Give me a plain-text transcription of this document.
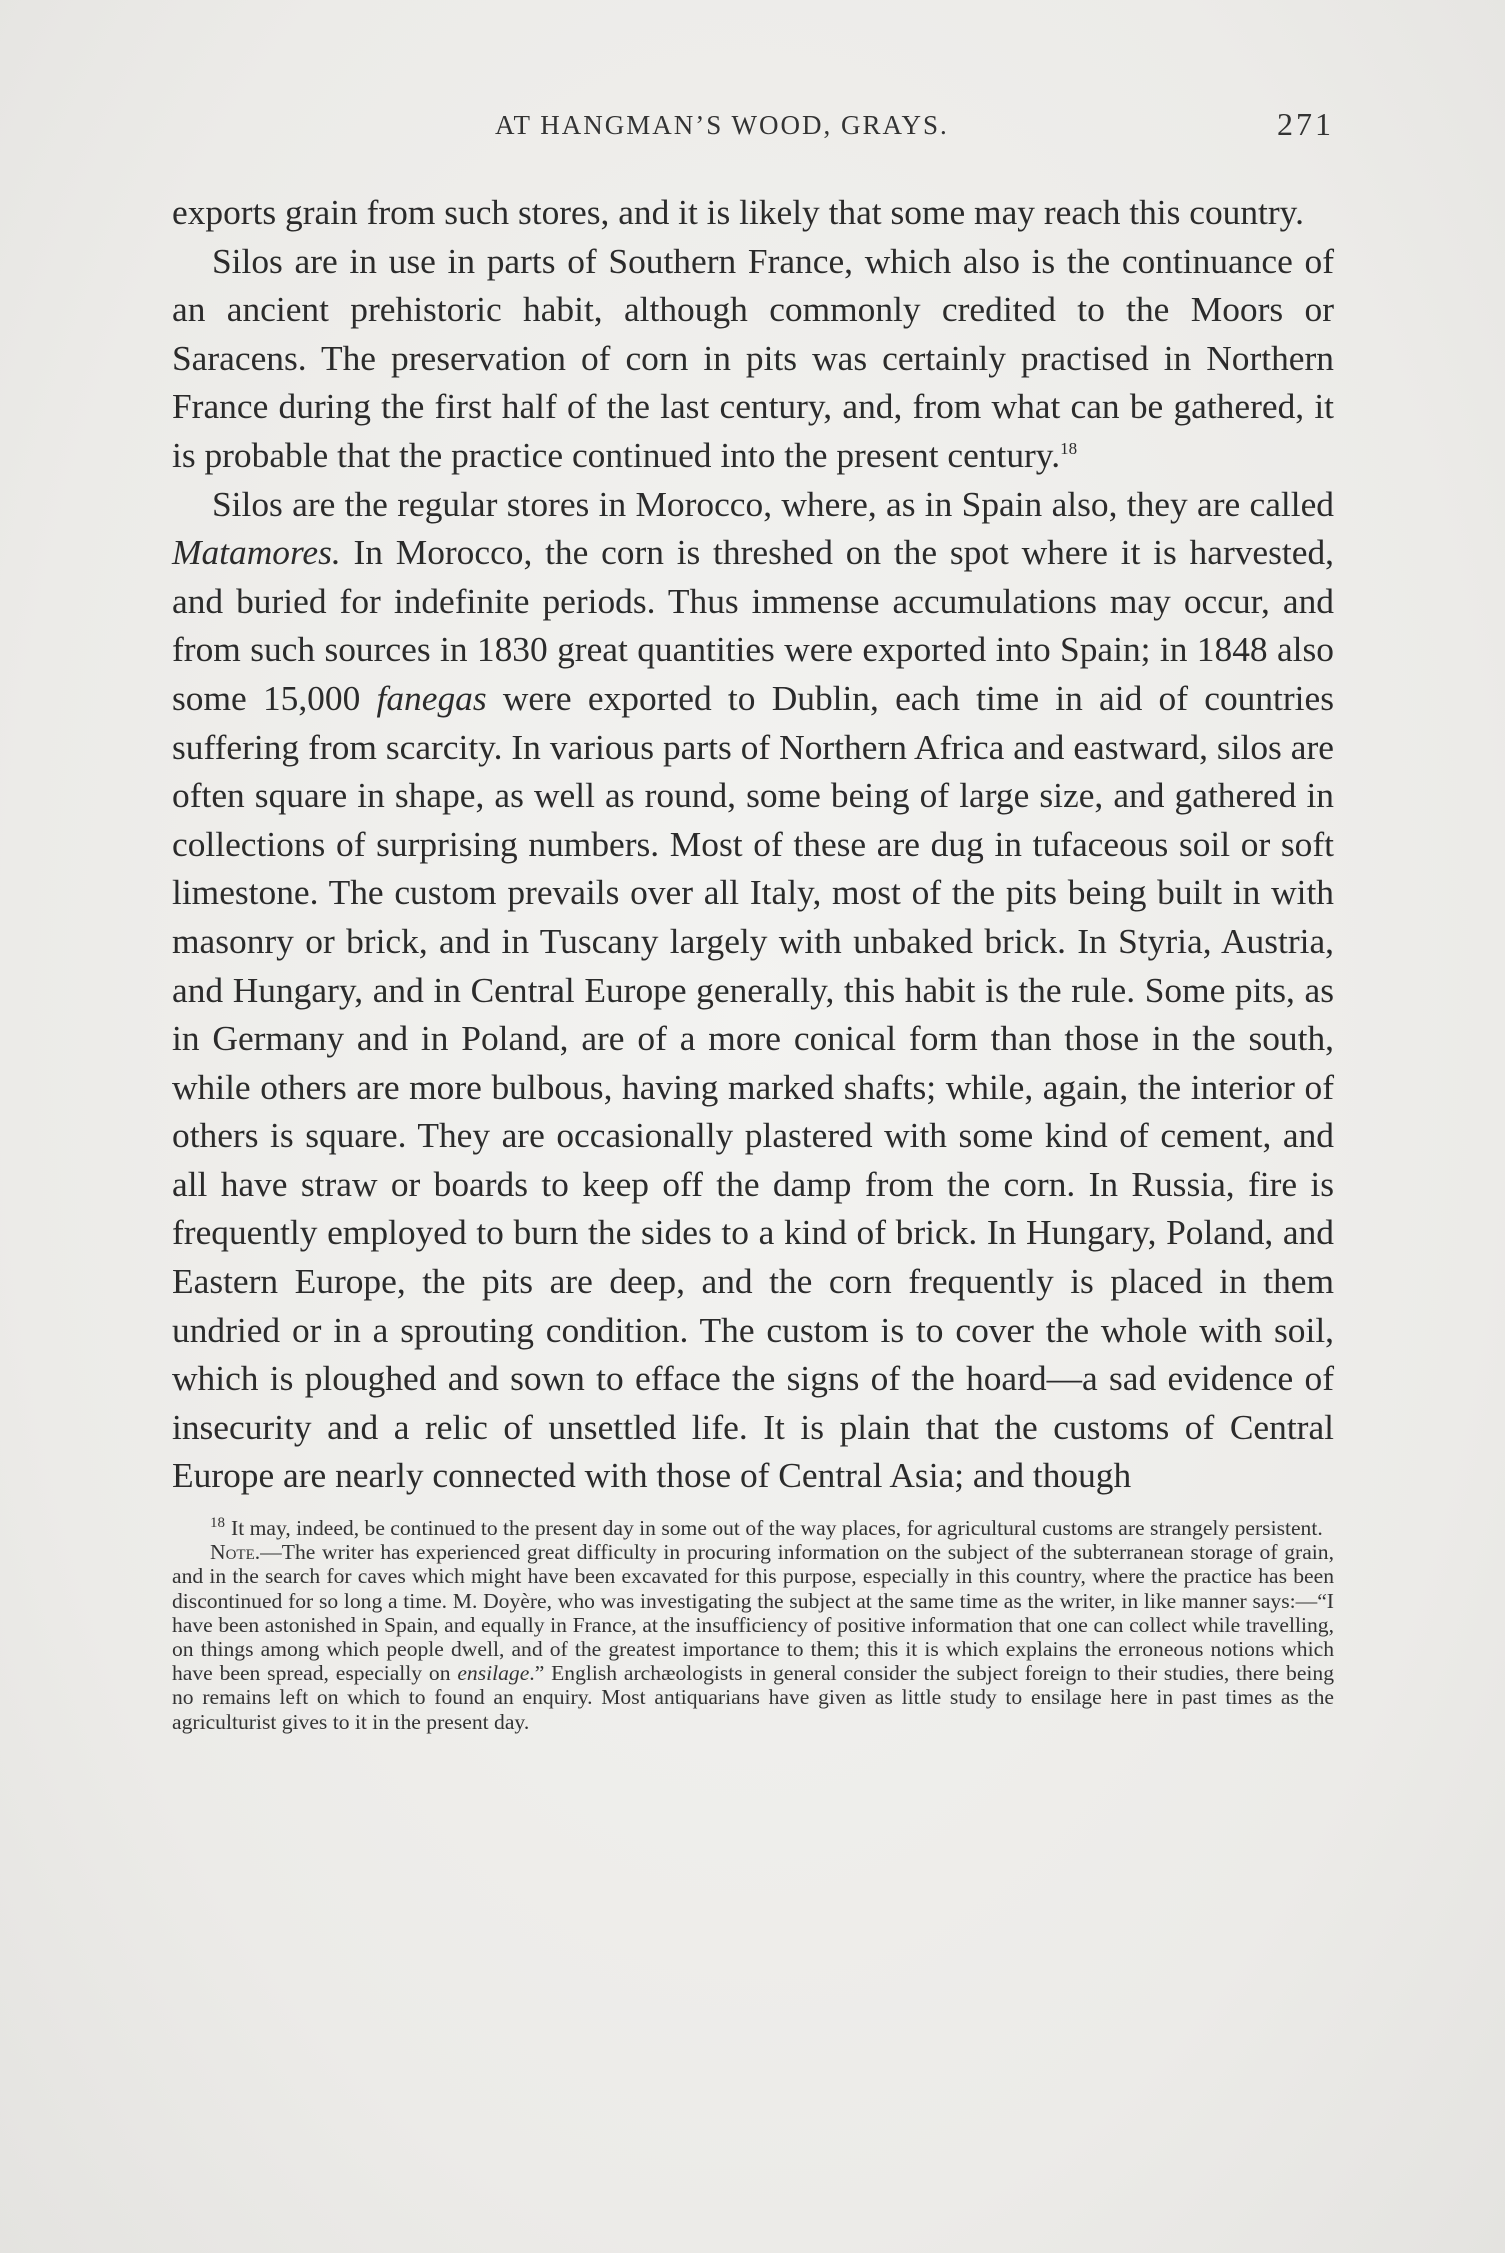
AT HANGMAN’S WOOD, GRAYS.	271

exports grain from such stores, and it is likely that some may reach this country.

Silos are in use in parts of Southern France, which also is the continuance of an ancient prehistoric habit, although commonly credited to the Moors or Saracens. The preservation of corn in pits was certainly practised in Northern France during the first half of the last century, and, from what can be gathered, it is probable that the practice continued into the present century.$^{18}$

Silos are the regular stores in Morocco, where, as in Spain also, they are called Matamores. In Morocco, the corn is threshed on the spot where it is harvested, and buried for indefinite periods. Thus immense accumulations may occur, and from such sources in 1830 great quantities were exported into Spain; in 1848 also some 15,000 fanegas were exported to Dublin, each time in aid of countries suffering from scarcity. In various parts of Northern Africa and eastward, silos are often square in shape, as well as round, some being of large size, and gathered in collections of surprising numbers. Most of these are dug in tufaceous soil or soft limestone. The custom prevails over all Italy, most of the pits being built in with masonry or brick, and in Tuscany largely with unbaked brick. In Styria, Austria, and Hungary, and in Central Europe generally, this habit is the rule. Some pits, as in Germany and in Poland, are of a more conical form than those in the south, while others are more bulbous, having marked shafts; while, again, the interior of others is square. They are occasionally plastered with some kind of cement, and all have straw or boards to keep off the damp from the corn. In Russia, fire is frequently employed to burn the sides to a kind of brick. In Hungary, Poland, and Eastern Europe, the pits are deep, and the corn frequently is placed in them undried or in a sprouting condition. The custom is to cover the whole with soil, which is ploughed and sown to efface the signs of the hoard—a sad evidence of insecurity and a relic of unsettled life. It is plain that the customs of Central Europe are nearly connected with those of Central Asia; and though

$^{18}$ It may, indeed, be continued to the present day in some out of the way places, for agricultural customs are strangely persistent.

Note.—The writer has experienced great difficulty in procuring information on the subject of the subterranean storage of grain, and in the search for caves which might have been excavated for this purpose, especially in this country, where the practice has been discontinued for so long a time. M. Doyère, who was investigating the subject at the same time as the writer, in like manner says:—“I have been astonished in Spain, and equally in France, at the insufficiency of positive information that one can collect while travelling, on things among which people dwell, and of the greatest importance to them; this it is which explains the erroneous notions which have been spread, especially on ensilage.” English archæologists in general consider the subject foreign to their studies, there being no remains left on which to found an enquiry. Most antiquarians have given as little study to ensilage here in past times as the agriculturist gives to it in the present day.
